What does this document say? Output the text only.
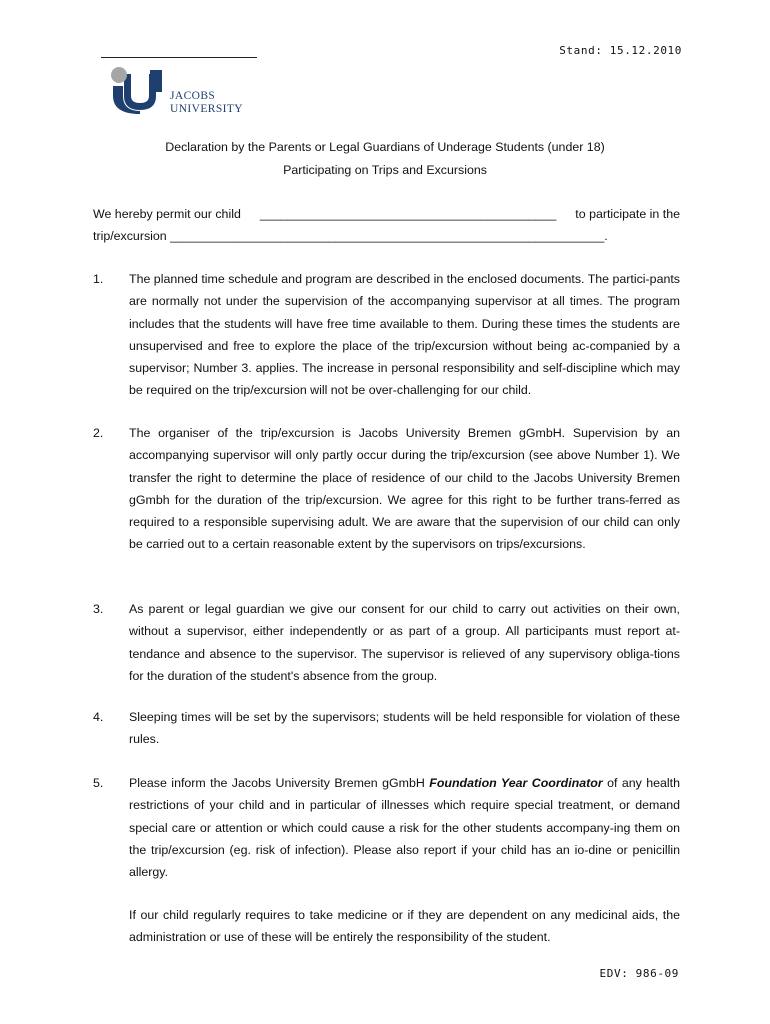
Stand: 15.12.2010
JACOBS
UNIVERSITY
Declaration by the Parents or Legal Guardians of Underage Students (under 18)
Participating on Trips and Excursions
We hereby permit our child ___________________________________________ to participate in the
trip/excursion _______________________________________________________________.
1. The planned time schedule and program are described in the enclosed documents. The partici-pants are normally not under the supervision of the accompanying supervisor at all times. The program includes that the students will have free time available to them. During these times the students are unsupervised and free to explore the place of the trip/excursion without being ac-companied by a supervisor; Number 3. applies. The increase in personal responsibility and self-discipline which may be required on the trip/excursion will not be over-challenging for our child.
2. The organiser of the trip/excursion is Jacobs University Bremen gGmbH. Supervision by an accompanying supervisor will only partly occur during the trip/excursion (see above Number 1). We transfer the right to determine the place of residence of our child to the Jacobs University Bremen gGmbh for the duration of the trip/excursion. We agree for this right to be further trans-ferred as required to a responsible supervising adult. We are aware that the supervision of our child can only be carried out to a certain reasonable extent by the supervisors on trips/excursions.
3. As parent or legal guardian we give our consent for our child to carry out activities on their own, without a supervisor, either independently or as part of a group. All participants must report at-tendance and absence to the supervisor. The supervisor is relieved of any supervisory obliga-tions for the duration of the student's absence from the group.
4. Sleeping times will be set by the supervisors; students will be held responsible for violation of these rules.
5. Please inform the Jacobs University Bremen gGmbH Foundation Year Coordinator of any health restrictions of your child and in particular of illnesses which require special treatment, or demand special care or attention or which could cause a risk for the other students accompany-ing them on the trip/excursion (eg. risk of infection). Please also report if your child has an io-dine or penicillin allergy.
If our child regularly requires to take medicine or if they are dependent on any medicinal aids, the administration or use of these will be entirely the responsibility of the student.
EDV: 986-09
